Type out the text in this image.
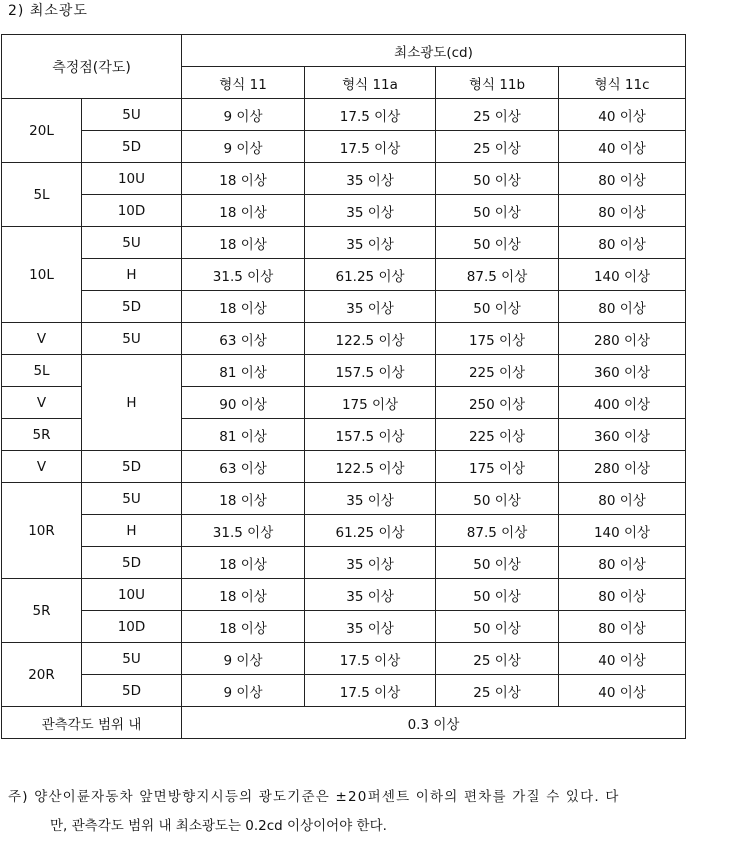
2) 최소광도
측정점(각도)		최소광도(cd)			
		형식 11	형식 11a	형식 11b	형식 11c
20L	5U	9 이상	17.5 이상	25 이상	40 이상
	5D	9 이상	17.5 이상	25 이상	40 이상
5L	10U	18 이상	35 이상	50 이상	80 이상
	10D	18 이상	35 이상	50 이상	80 이상
10L	5U	18 이상	35 이상	50 이상	80 이상
	H	31.5 이상	61.25 이상	87.5 이상	140 이상
	5D	18 이상	35 이상	50 이상	80 이상
V	5U	63 이상	122.5 이상	175 이상	280 이상
5L	H	81 이상	157.5 이상	225 이상	360 이상
V		90 이상	175 이상	250 이상	400 이상
5R		81 이상	157.5 이상	225 이상	360 이상
V	5D	63 이상	122.5 이상	175 이상	280 이상
10R	5U	18 이상	35 이상	50 이상	80 이상
	H	31.5 이상	61.25 이상	87.5 이상	140 이상
	5D	18 이상	35 이상	50 이상	80 이상
5R	10U	18 이상	35 이상	50 이상	80 이상
	10D	18 이상	35 이상	50 이상	80 이상
20R	5U	9 이상	17.5 이상	25 이상	40 이상
	5D	9 이상	17.5 이상	25 이상	40 이상
관측각도 범위 내		0.3 이상			
주) 양산이륜자동차 앞면방향지시등의 광도기준은 ±20퍼센트 이하의 편차를 가질 수 있다. 다
만, 관측각도 범위 내 최소광도는 0.2cd 이상이어야 한다.
